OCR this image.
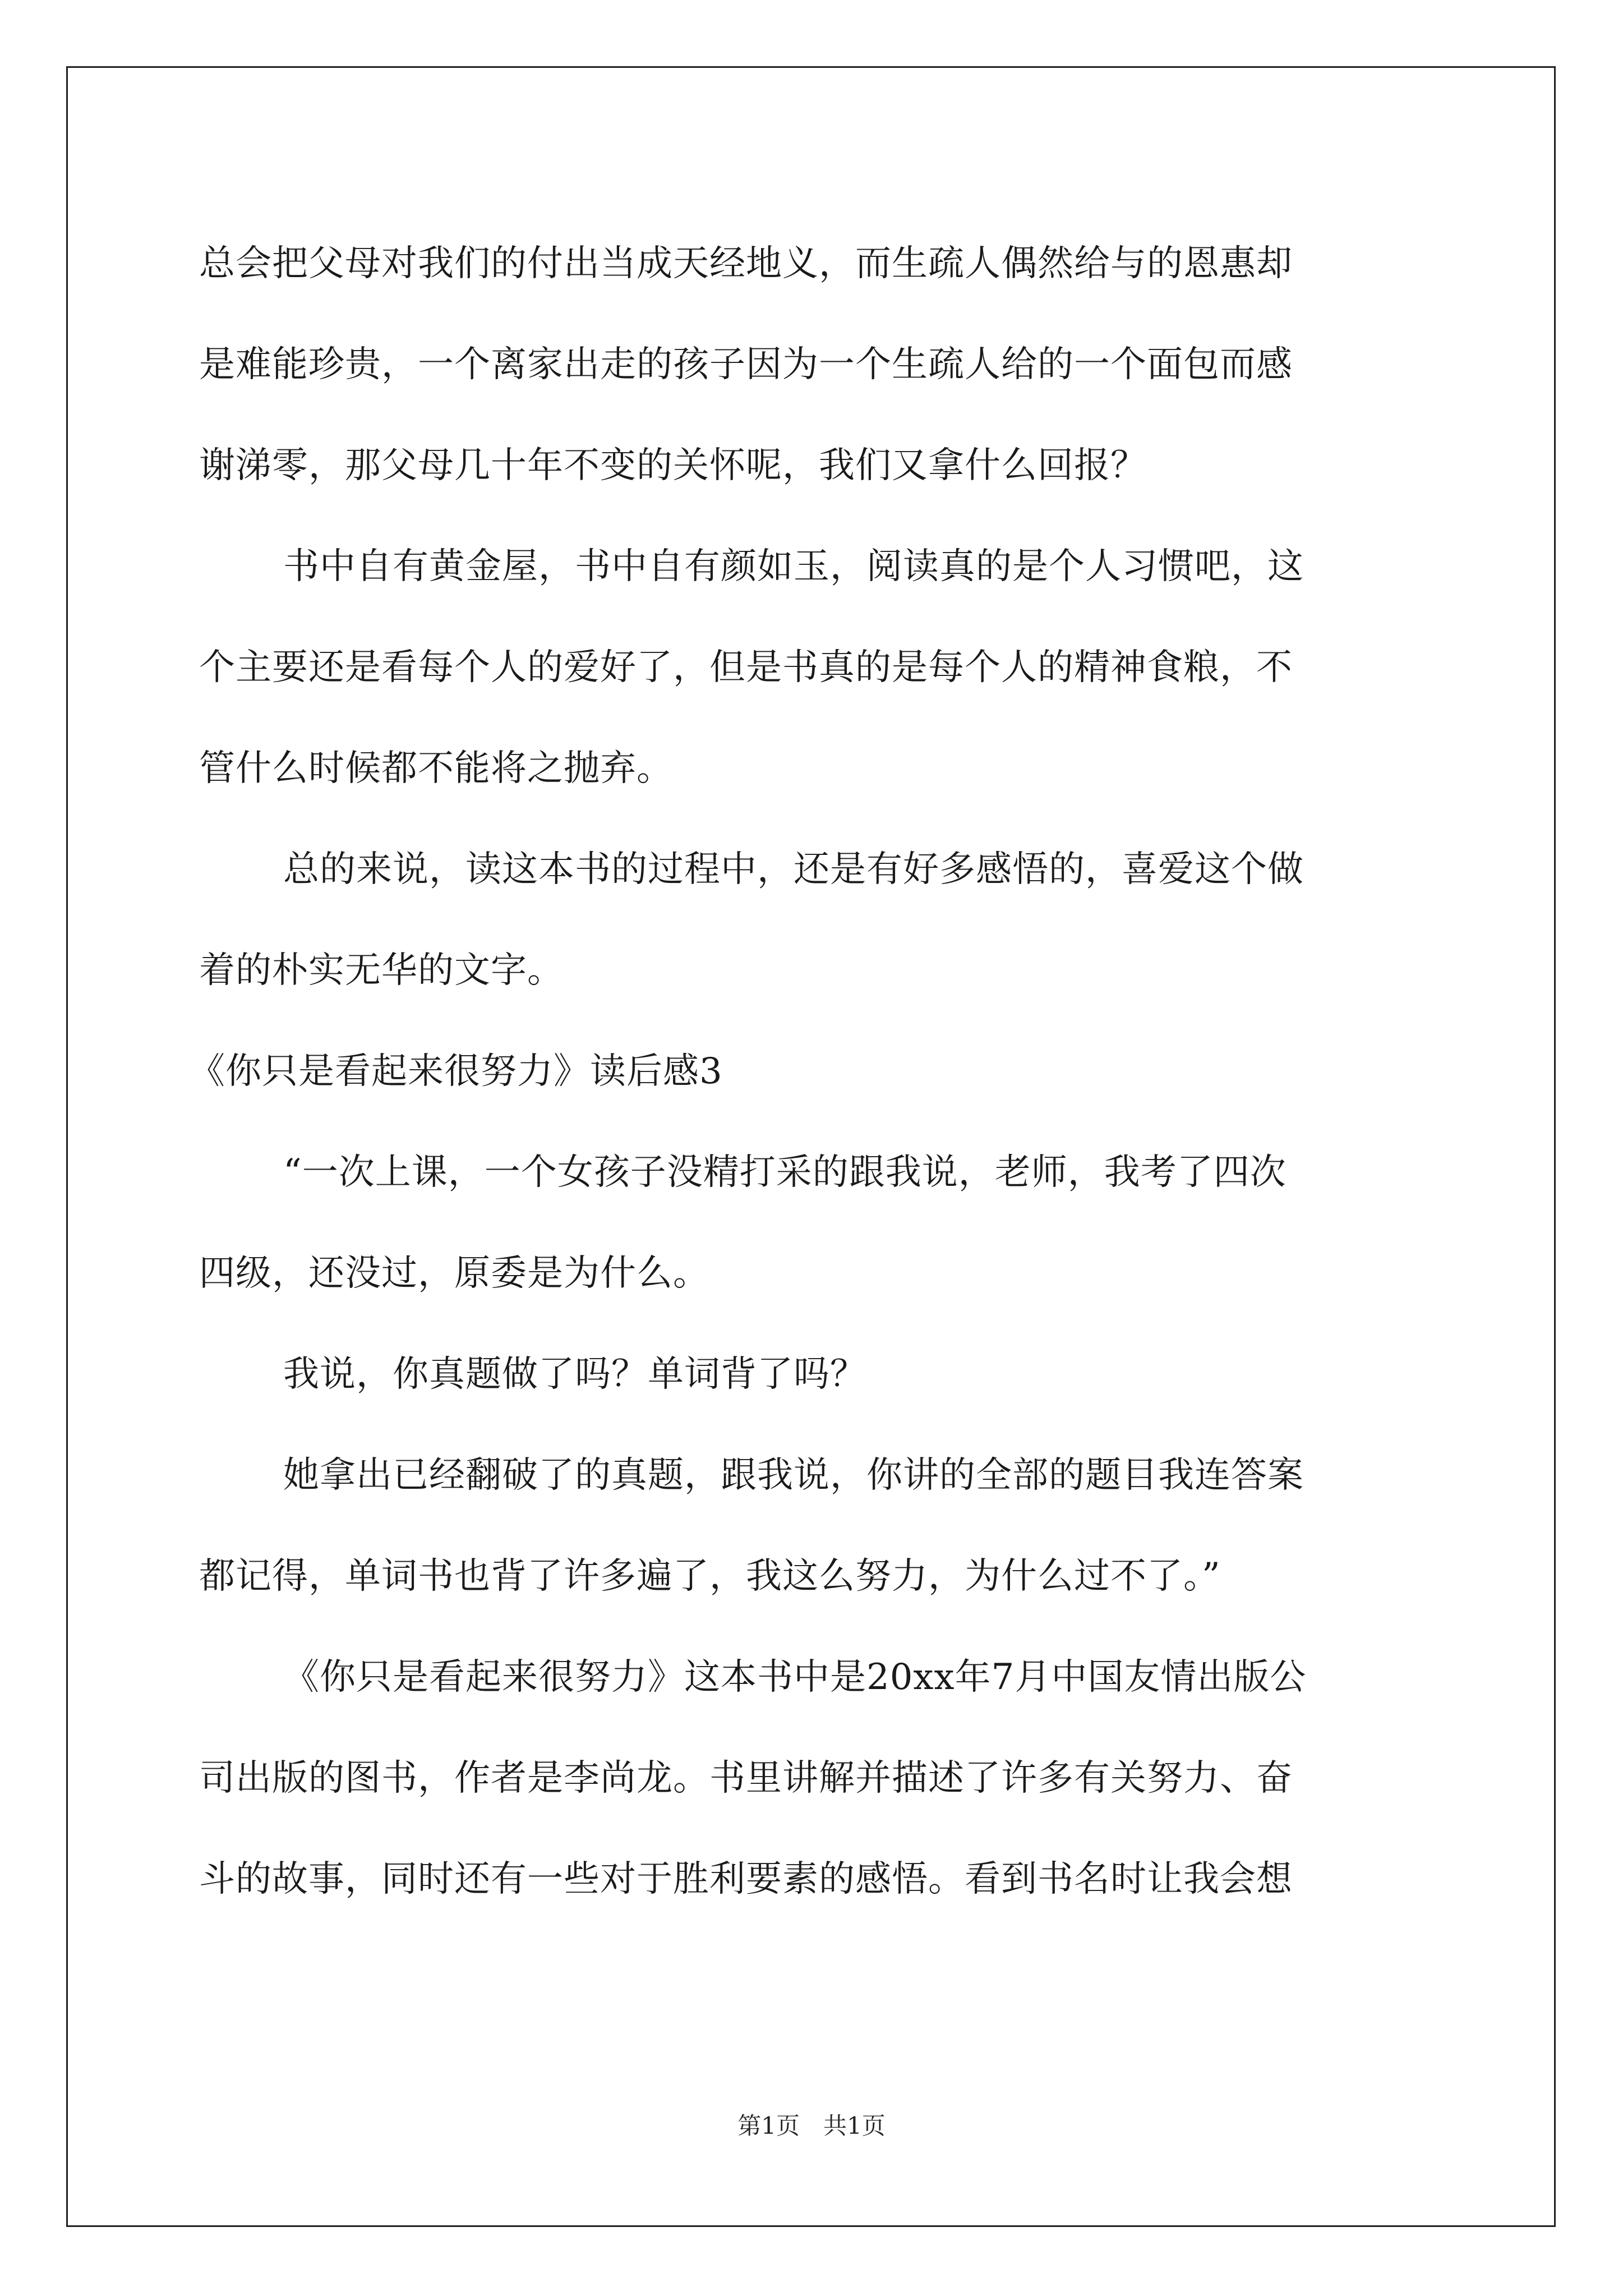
总会把父母对我们的付出当成天经地义，而生疏人偶然给与的恩惠却
是难能珍贵，一个离家出走的孩子因为一个生疏人给的一个面包而感
谢涕零，那父母几十年不变的关怀呢，我们又拿什么回报？
书中自有黄金屋，书中自有颜如玉，阅读真的是个人习惯吧，这
个主要还是看每个人的爱好了，但是书真的是每个人的精神食粮，不
管什么时候都不能将之抛弃。
总的来说，读这本书的过程中，还是有好多感悟的，喜爱这个做
着的朴实无华的文字。
《你只是看起来很努力》读后感3
“一次上课，一个女孩子没精打采的跟我说，老师，我考了四次
四级，还没过，原委是为什么。
我说，你真题做了吗？单词背了吗？
她拿出已经翻破了的真题，跟我说，你讲的全部的题目我连答案
都记得，单词书也背了许多遍了，我这么努力，为什么过不了。”
《你只是看起来很努力》这本书中是20xx年7月中国友情出版公
司出版的图书，作者是李尚龙。书里讲解并描述了许多有关努力、奋
斗的故事，同时还有一些对于胜利要素的感悟。看到书名时让我会想
第1页　共1页
